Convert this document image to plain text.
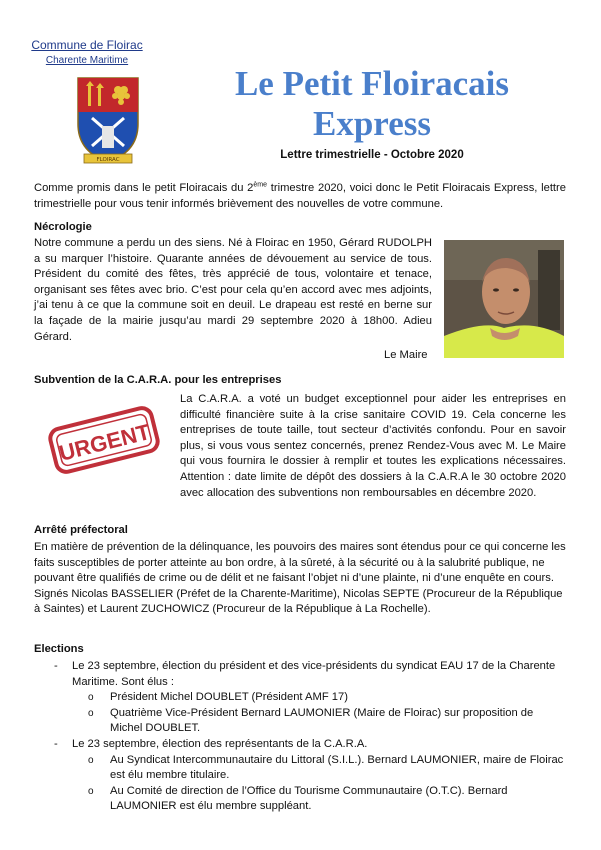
Commune de Floirac
Charente Maritime
FLOIRAC
Le Petit Floiracais
Express
Lettre trimestrielle - Octobre 2020
Comme promis dans le petit Floiracais du 2ème trimestre 2020, voici donc le Petit Floiracais Express, lettre trimestrielle pour vous tenir informés brièvement des nouvelles de votre commune.
Nécrologie
Notre commune a perdu un des siens. Né à Floirac en 1950, Gérard RUDOLPH a su marquer l’histoire. Quarante années de dévouement au service de tous. Président du comité des fêtes, très apprécié de tous, volontaire et tenace, organisant ses fêtes avec brio. C’est pour cela qu’en accord avec mes adjoints, j’ai tenu à ce que la commune soit en deuil. Le drapeau est resté en berne sur la façade de la mairie jusqu’au mardi 29 septembre 2020 à 18h00. Adieu Gérard.
Le Maire
Subvention de la C.A.R.A. pour les entreprises
La C.A.R.A. a voté un budget exceptionnel pour aider les entreprises en difficulté financière suite à la crise sanitaire COVID 19. Cela concerne les entreprises de toute taille, tout secteur d’activités confondu. Pour en savoir plus, si vous vous sentez concernés, prenez Rendez-Vous avec M. Le Maire qui vous fournira le dossier à remplir et toutes les explications nécessaires. Attention : date limite de dépôt des dossiers à la C.A.R.A le 30 octobre 2020 avec allocation des subventions non remboursables en décembre 2020.
URGENT
Arrêté préfectoral
En matière de prévention de la délinquance, les pouvoirs des maires sont étendus pour ce qui concerne les faits susceptibles de porter atteinte au bon ordre, à la sûreté, à la sécurité ou à la salubrité publique, ne pouvant être qualifiés de crime ou de délit et ne faisant l’objet ni d’une plainte, ni d’une enquête en cours. Signés Nicolas BASSELIER (Préfet de la Charente-Maritime), Nicolas SEPTE (Procureur de la République à Saintes) et Laurent ZUCHOWICZ (Procureur de la République à La Rochelle).
Elections
- Le 23 septembre, élection du président et des vice-présidents du syndicat EAU 17 de la Charente Maritime. Sont élus :
o Président Michel DOUBLET (Président AMF 17)
o Quatrième Vice-Président Bernard LAUMONIER (Maire de Floirac) sur proposition de Michel DOUBLET.
- Le 23 septembre, élection des représentants de la C.A.R.A.
o Au Syndicat Intercommunautaire du Littoral (S.I.L.). Bernard LAUMONIER, maire de Floirac est élu membre titulaire.
o Au Comité de direction de l’Office du Tourisme Communautaire (O.T.C). Bernard LAUMONIER est élu membre suppléant.
